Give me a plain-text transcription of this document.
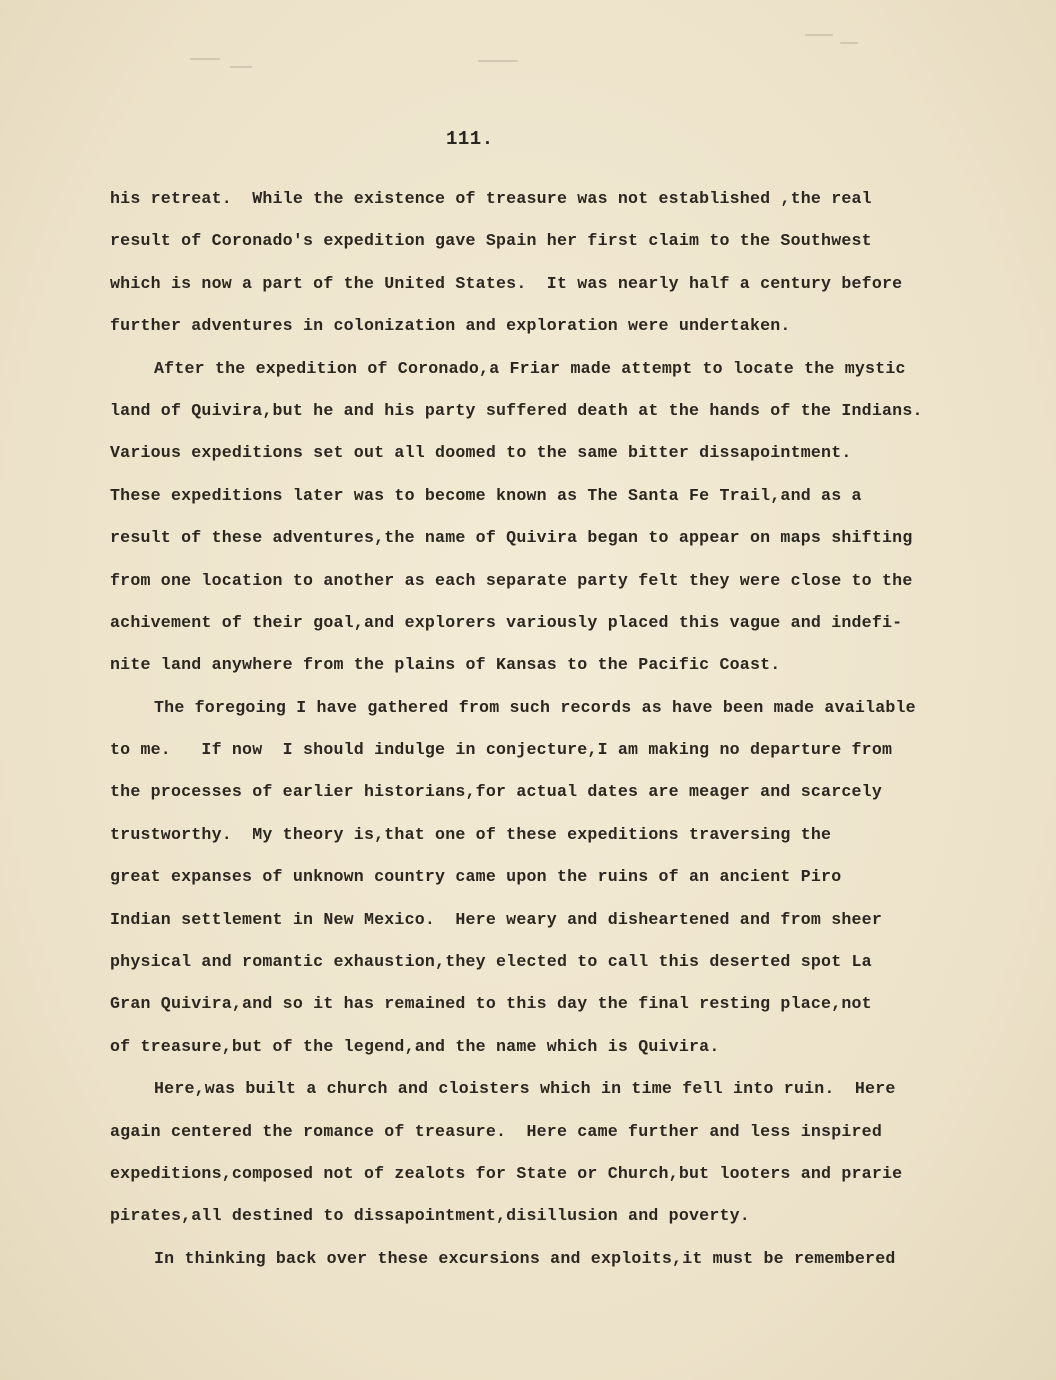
111.
his retreat.  While the existence of treasure was not established ,the real
result of Coronado's expedition gave Spain her first claim to the Southwest
which is now a part of the United States.  It was nearly half a century before
further adventures in colonization and exploration were undertaken.
After the expedition of Coronado,a Friar made attempt to locate the mystic
land of Quivira,but he and his party suffered death at the hands of the Indians.
Various expeditions set out all doomed to the same bitter dissapointment.
These expeditions later was to become known as The Santa Fe Trail,and as a
result of these adventures,the name of Quivira began to appear on maps shifting
from one location to another as each separate party felt they were close to the
achivement of their goal,and explorers variously placed this vague and indefi-
nite land anywhere from the plains of Kansas to the Pacific Coast.
The foregoing I have gathered from such records as have been made available
to me.   If now  I should indulge in conjecture,I am making no departure from
the processes of earlier historians,for actual dates are meager and scarcely
trustworthy.  My theory is,that one of these expeditions traversing the
great expanses of unknown country came upon the ruins of an ancient Piro
Indian settlement in New Mexico.  Here weary and disheartened and from sheer
physical and romantic exhaustion,they elected to call this deserted spot La
Gran Quivira,and so it has remained to this day the final resting place,not
of treasure,but of the legend,and the name which is Quivira.
Here,was built a church and cloisters which in time fell into ruin.  Here
again centered the romance of treasure.  Here came further and less inspired
expeditions,composed not of zealots for State or Church,but looters and prarie
pirates,all destined to dissapointment,disillusion and poverty.
In thinking back over these excursions and exploits,it must be remembered
